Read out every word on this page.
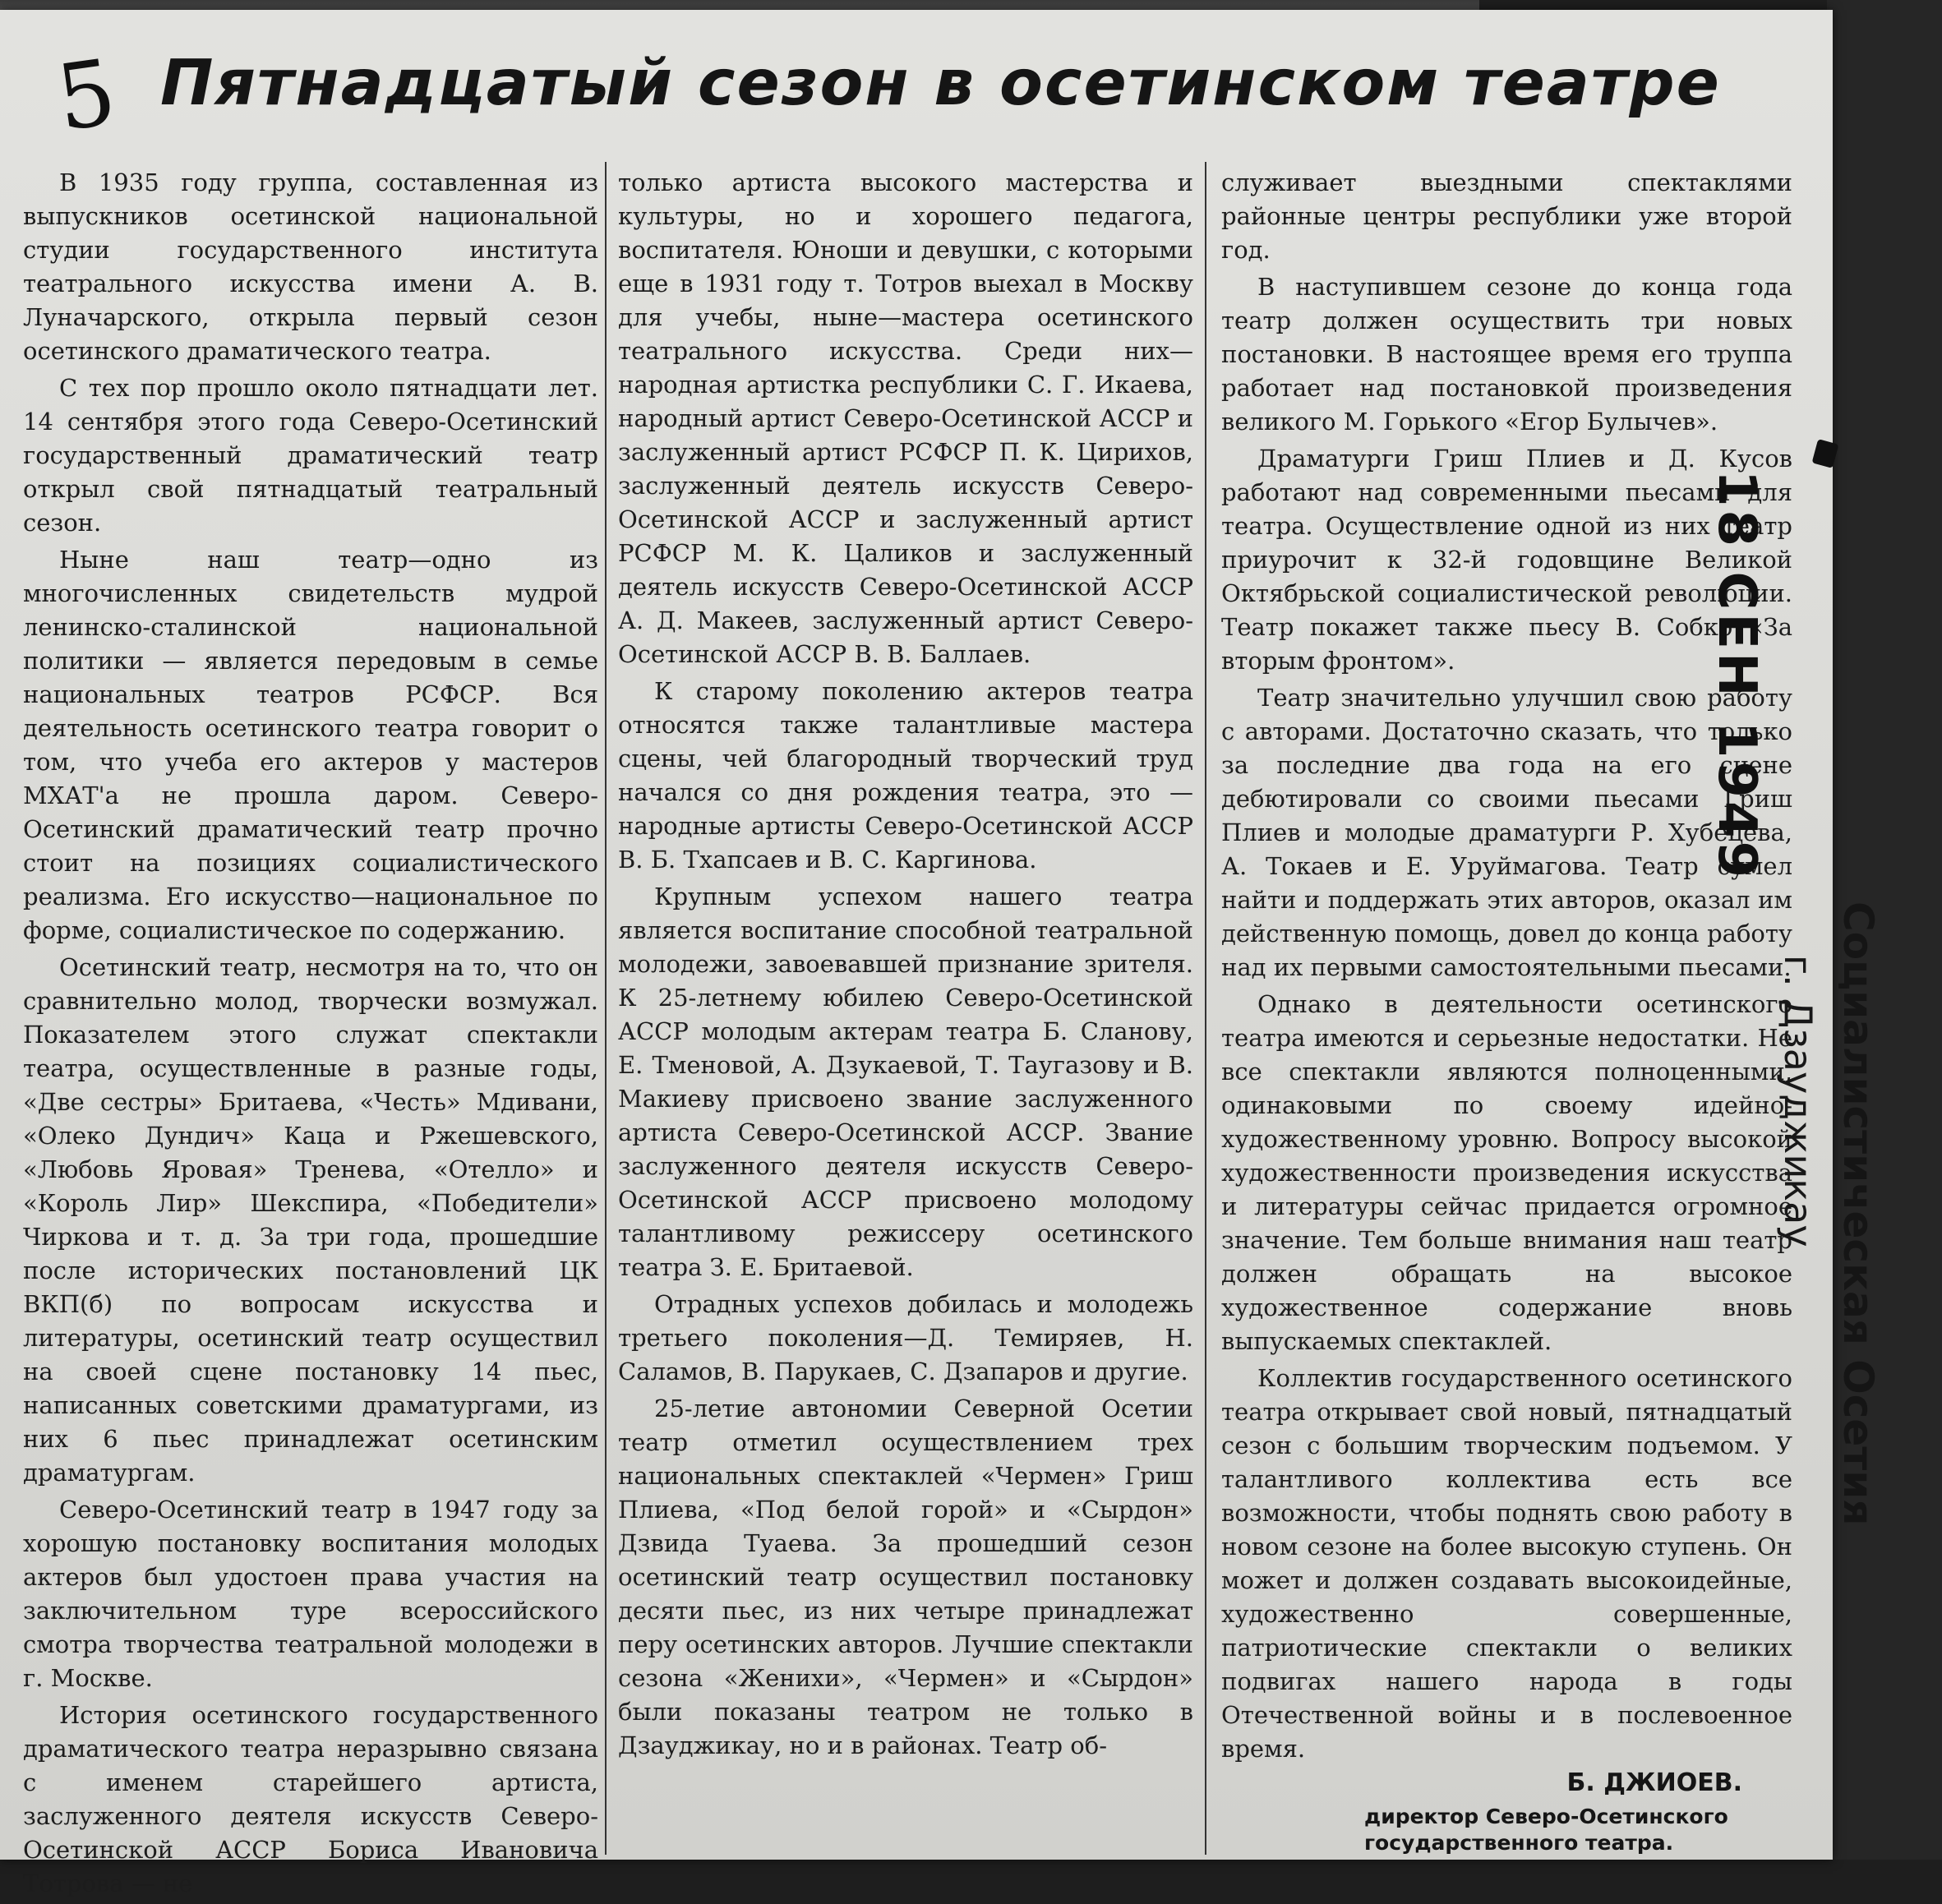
5 Пятнадцатый сезон в осетинском театре

В 1935 году группа, составленная из выпускников осетинской национальной студии государственного института театрального искусства имени А. В. Луначарского, открыла первый сезон осетинского драматического театра.

С тех пор прошло около пятнадцати лет. 14 сентября этого года Северо-Осетинский государственный драматический театр открыл свой пятнадцатый театральный сезон.

Ныне наш театр—одно из многочисленных свидетельств мудрой ленинско-сталинской национальной политики — является передовым в семье национальных театров РСФСР. Вся деятельность осетинского театра говорит о том, что учеба его актеров у мастеров МХАТ'а не прошла даром. Северо-Осетинский драматический театр прочно стоит на позициях социалистического реализма. Его искусство—национальное по форме, социалистическое по содержанию.

Осетинский театр, несмотря на то, что он сравнительно молод, творчески возмужал. Показателем этого служат спектакли театра, осуществленные в разные годы, «Две сестры» Бритаева, «Честь» Мдивани, «Олеко Дундич» Каца и Ржешевского, «Любовь Яровая» Тренева, «Отелло» и «Король Лир» Шекспира, «Победители» Чиркова и т. д. За три года, прошедшие после исторических постановлений ЦК ВКП(б) по вопросам искусства и литературы, осетинский театр осуществил на своей сцене постановку 14 пьес, написанных советскими драматургами, из них 6 пьес принадлежат осетинским драматургам.

Северо-Осетинский театр в 1947 году за хорошую постановку воспитания молодых актеров был удостоен права участия на заключительном туре всероссийского смотра творчества театральной молодежи в г. Москве.

История осетинского государственного драматического театра неразрывно связана с именем старейшего артиста, заслуженного деятеля искусств Северо-Осетинской АССР Бориса Ивановича Тотрова — не

только артиста высокого мастерства и культуры, но и хорошего педагога, воспитателя. Юноши и девушки, с которыми еще в 1931 году т. Тотров выехал в Москву для учебы, ныне—мастера осетинского театрального искусства. Среди них—народная артистка республики С. Г. Икаева, народный артист Северо-Осетинской АССР и заслуженный артист РСФСР П. К. Цирихов, заслуженный деятель искусств Северо-Осетинской АССР и заслуженный артист РСФСР М. К. Цаликов и заслуженный деятель искусств Северо-Осетинской АССР А. Д. Макеев, заслуженный артист Северо-Осетинской АССР В. В. Баллаев.

К старому поколению актеров театра относятся также талантливые мастера сцены, чей благородный творческий труд начался со дня рождения театра, это — народные артисты Северо-Осетинской АССР В. Б. Тхапсаев и В. С. Каргинова.

Крупным успехом нашего театра является воспитание способной театральной молодежи, завоевавшей признание зрителя. К 25-летнему юбилею Северо-Осетинской АССР молодым актерам театра Б. Сланову, Е. Тменовой, А. Дзукаевой, Т. Таугазову и В. Макиеву присвоено звание заслуженного артиста Северо-Осетинской АССР. Звание заслуженного деятеля искусств Северо-Осетинской АССР присвоено молодому талантливому режиссеру осетинского театра З. Е. Бритаевой.

Отрадных успехов добилась и молодежь третьего поколения—Д. Темиряев, Н. Саламов, В. Парукаев, С. Дзапаров и другие.

25-летие автономии Северной Осетии театр отметил осуществлением трех национальных спектаклей «Чермен» Гриш Плиева, «Под белой горой» и «Сырдон» Дзвида Туаева. За прошедший сезон осетинский театр осуществил постановку десяти пьес, из них четыре принадлежат перу осетинских авторов. Лучшие спектакли сезона «Женихи», «Чермен» и «Сырдон» были показаны театром не только в Дзауджикау, но и в районах. Театр об-

служивает выездными спектаклями районные центры республики уже второй год.

В наступившем сезоне до конца года театр должен осуществить три новых постановки. В настоящее время его труппа работает над постановкой произведения великого М. Горького «Егор Булычев».

Драматурги Гриш Плиев и Д. Кусов работают над современными пьесами для театра. Осуществление одной из них театр приурочит к 32-й годовщине Великой Октябрьской социалистической революции. Театр покажет также пьесу В. Собко «За вторым фронтом».

Театр значительно улучшил свою работу с авторами. Достаточно сказать, что только за последние два года на его сцене дебютировали со своими пьесами Гриш Плиев и молодые драматурги Р. Хубецева, А. Токаев и Е. Уруймагова. Театр сумел найти и поддержать этих авторов, оказал им действенную помощь, довел до конца работу над их первыми самостоятельными пьесами.

Однако в деятельности осетинского театра имеются и серьезные недостатки. Не все спектакли являются полноценными, одинаковыми по своему идейно-художественному уровню. Вопросу высокой художественности произведения искусства и литературы сейчас придается огромное значение. Тем больше внимания наш театр должен обращать на высокое художественное содержание вновь выпускаемых спектаклей.

Коллектив государственного осетинского театра открывает свой новый, пятнадцатый сезон с большим творческим подъемом. У талантливого коллектива есть все возможности, чтобы поднять свою работу в новом сезоне на более высокую ступень. Он может и должен создавать высокоидейные, художественно совершенные, патриотические спектакли о великих подвигах нашего народа в годы Отечественной войны и в послевоенное время.

Б. ДЖИОЕВ.
директор Северо-Осетинского государственного театра.
18 СЕН 1949
Социалистическая Осетия
г. Дзауджикау
